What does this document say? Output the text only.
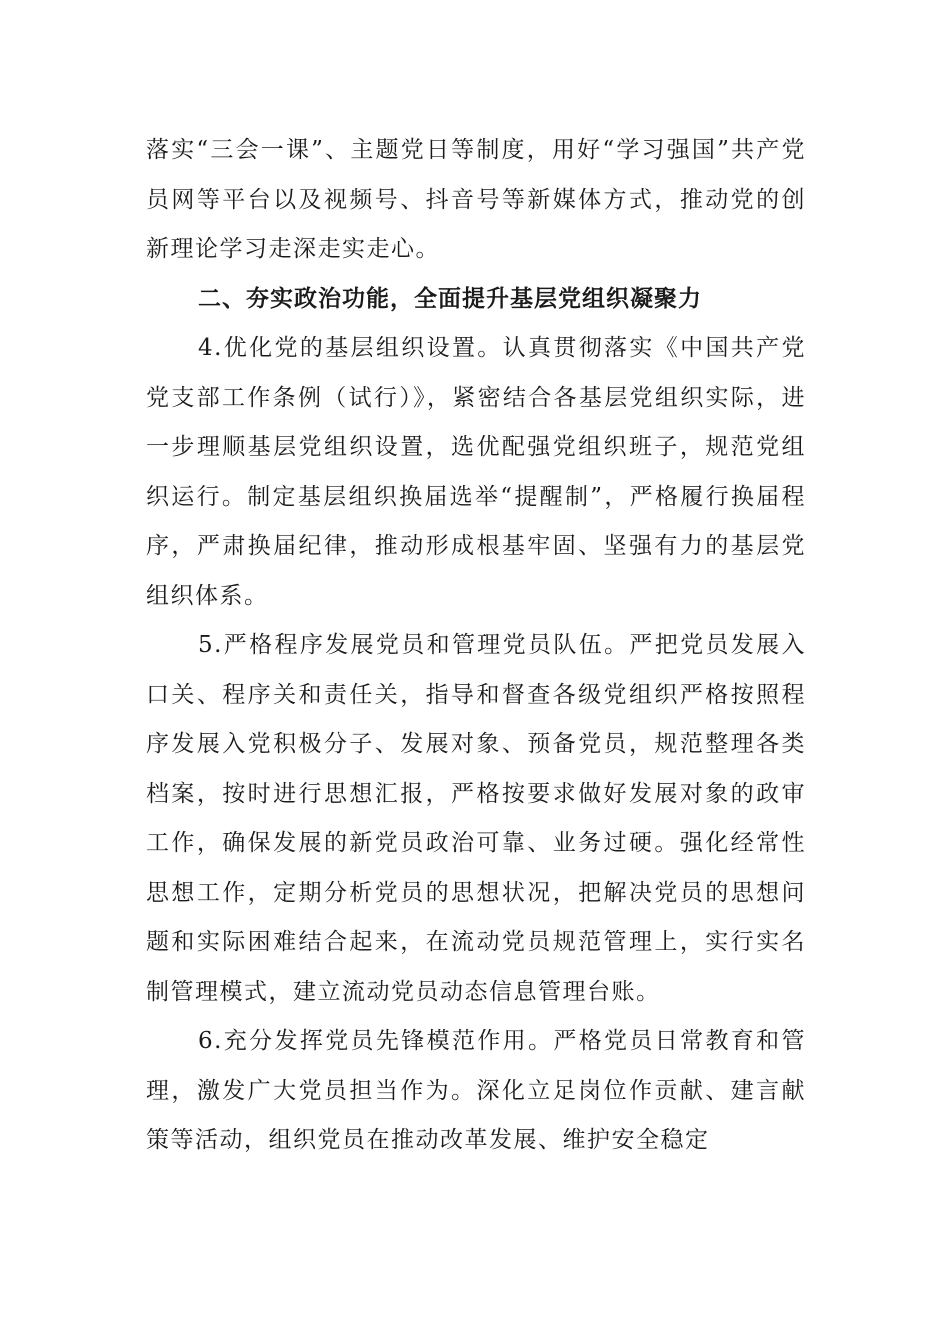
落实“三会一课”、主题党日等制度，用好“学习强国”共产党员网等平台以及视频号、抖音号等新媒体方式，推动党的创新理论学习走深走实走心。

二、夯实政治功能，全面提升基层党组织凝聚力

4.优化党的基层组织设置。认真贯彻落实《中国共产党党支部工作条例（试行）》，紧密结合各基层党组织实际，进一步理顺基层党组织设置，选优配强党组织班子，规范党组织运行。制定基层组织换届选举“提醒制”，严格履行换届程序，严肃换届纪律，推动形成根基牢固、坚强有力的基层党组织体系。

5.严格程序发展党员和管理党员队伍。严把党员发展入口关、程序关和责任关，指导和督查各级党组织严格按照程序发展入党积极分子、发展对象、预备党员，规范整理各类档案，按时进行思想汇报，严格按要求做好发展对象的政审工作，确保发展的新党员政治可靠、业务过硬。强化经常性思想工作，定期分析党员的思想状况，把解决党员的思想问题和实际困难结合起来，在流动党员规范管理上，实行实名制管理模式，建立流动党员动态信息管理台账。

6.充分发挥党员先锋模范作用。严格党员日常教育和管理，激发广大党员担当作为。深化立足岗位作贡献、建言献策等活动，组织党员在推动改革发展、维护安全稳定
